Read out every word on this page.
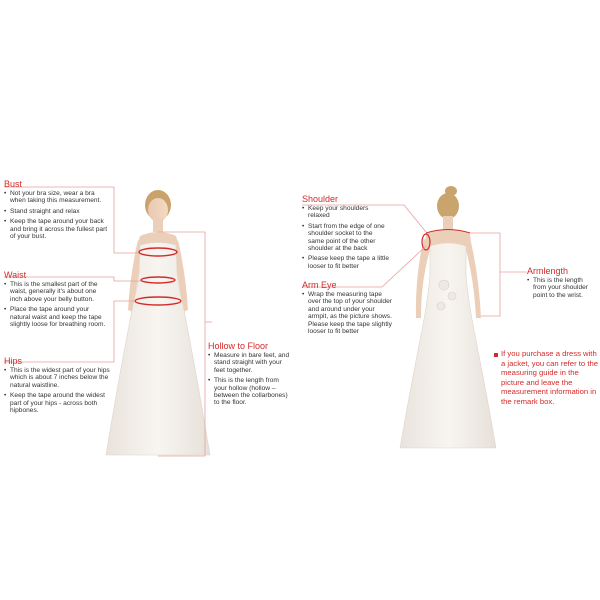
Bust
• Not your bra size, wear a bra when taking this measurement.
• Stand straight and relax
• Keep the tape around your back and bring it across the fullest part of your bust.
Waist
• This is the smallest part of the waist, generally it's about one inch above your belly button.
• Place the tape around your natural waist and keep the tape slightly loose for breathing room.
Hips
• This is the widest part of your hips which is about 7 inches below the natural waistline.
• Keep the tape around the widest part of your hips - across both hipbones.
Hollow to Floor
• Measure in bare feet, and stand straight with your feet together.
• This is the length from your hollow (hollow – between the collarbones) to the floor.
Shoulder
• Keep your shoulders relaxed
• Start from the edge of one shoulder socket to the same point of the other shoulder at the back
• Please keep the tape a little looser to fit better
Arm Eye
• Wrap the measuring tape over the top of your shoulder and around under your armpit, as the picture shows. Please keep the tape slightly looser to fit better
Armlength
• This is the length from your shoulder point to the wrist.
If you purchase a dress with a jacket, you can refer to the measuring guide in the picture and leave the measurement information in the remark box.
